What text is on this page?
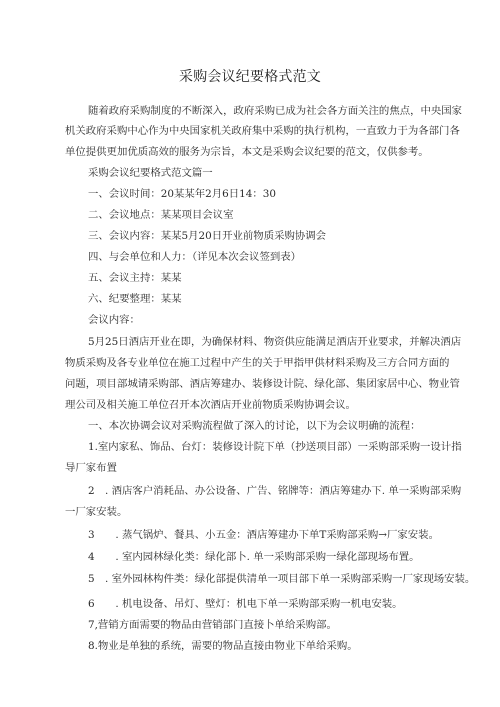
采购会议纪要格式范文
随着政府采购制度的不断深入，政府采购已成为社会各方面关注的焦点，中央国家
机关政府采购中心作为中央国家机关政府集中采购的执行机构，一直致力于为各部门各
单位提供更加优质高效的服务为宗旨，本文是采购会议纪要的范文，仅供参考。
采购会议纪要格式范文篇一
一、会议时间：20某某年2月6日14：30
二、会议地点：某某项目会议室
三、会议内容：某某5月20日开业前物质采购协调会
四、与会单位和人力：（详见本次会议签到表）
五、会议主持：某某
六、纪要整理：某某
会议内容：
5月25日酒店开业在即，为确保材料、物资供应能满足酒店开业要求，并解决酒店
物质采购及各专业单位在施工过程中产生的关于甲指甲供材料采购及三方合同方面的
问题，项目部城请采购部、酒店筹建办、装修设计院、绿化部、集团家居中心、物业管
理公司及相关施工单位召开本次酒店开业前物质采购协调会议。
一、本次协调会议对采购流程做了深入的讨论，以下为会议明确的流程：
1.室内家私、饰品、台灯：装修设计院下单（抄送项目部）一采购部采购一设计指
导厂家布置
2　. 酒店客户消耗品、办公设备、广告、铭牌等：酒店筹建办下. 单一采购部采购
一厂家安装。
3　　. 蒸气锅炉、餐具、小五金：酒店筹建办下单T采购部采购→厂家安装。
4　　. 室内园林绿化类：绿化部卜. 单一采购部采购一绿化部现场布置。
5　. 室外园林构件类：绿化部提供清单一项目部下单一采购部采购一厂家现场安装。
6　　. 机电设备、吊灯、壁灯：机电下单一采购部采购一机电安装。
7,营销方面需要的物品由营销部门直接卜单给采购部。
8.物业是单独的系统，需要的物品直接由物业下单给采购。
